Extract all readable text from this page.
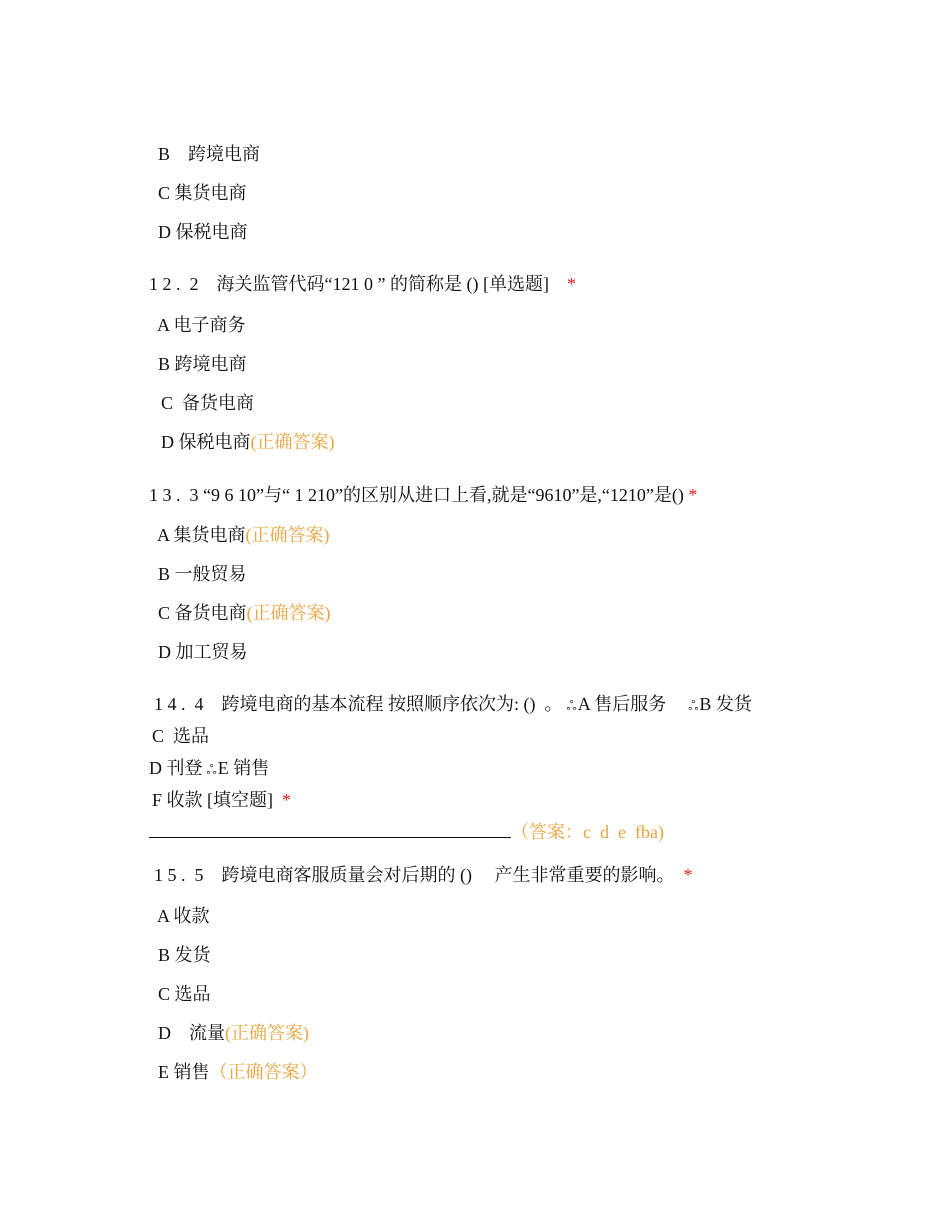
B 跨境电商

C 集货电商

D 保税电商

1 2 .  2 海关监管代码“121 0 ” 的简称是 () [单选题] *

A 电子商务

B 跨境电商

C 备货电商

D 保税电商(正确答案)

1 3 .  3 “9 6 10”与“ 1 210”的区别从进口上看,就是“9610”是,“1210”是() *

A 集货电商(正确答案)

B 一般贸易

C 备货电商(正确答案)

D 加工贸易

1 4 .  4 跨境电商的基本流程 按照顺序依次为: ()  。 ஃA 售后服务 ஃB 发货

C  选品

D 刊登 ஃE 销售

F 收款 [填空题] *

（答案：c  d  e  fba)

1 5 .  5 跨境电商客服质量会对后期的 ()     产生非常重要的影响。 *

A 收款

B 发货

C 选品

D 流量(正确答案)

E 销售（正确答案）
